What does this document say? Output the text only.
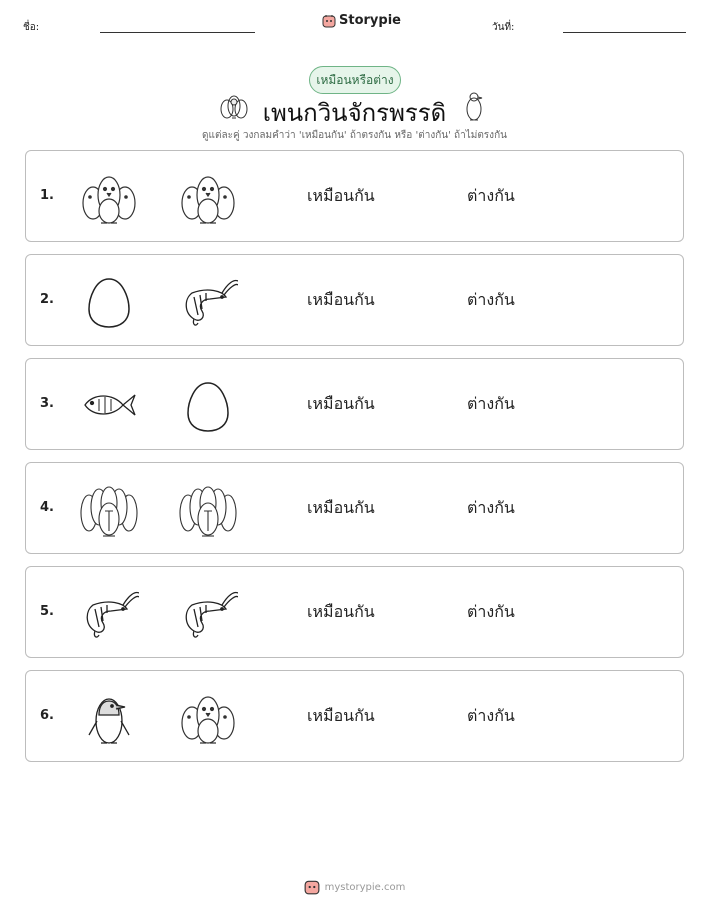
ชื่อ:	Storypie	วันที่:
เหมือนหรือต่าง
เพนกวินจักรพรรดิ
ดูแต่ละคู่ วงกลมคำว่า 'เหมือนกัน' ถ้าตรงกัน หรือ 'ต่างกัน' ถ้าไม่ตรงกัน
1.	เหมือนกัน	ต่างกัน
2.	เหมือนกัน	ต่างกัน
3.	เหมือนกัน	ต่างกัน
4.	เหมือนกัน	ต่างกัน
5.	เหมือนกัน	ต่างกัน
6.	เหมือนกัน	ต่างกัน
mystorypie.com
